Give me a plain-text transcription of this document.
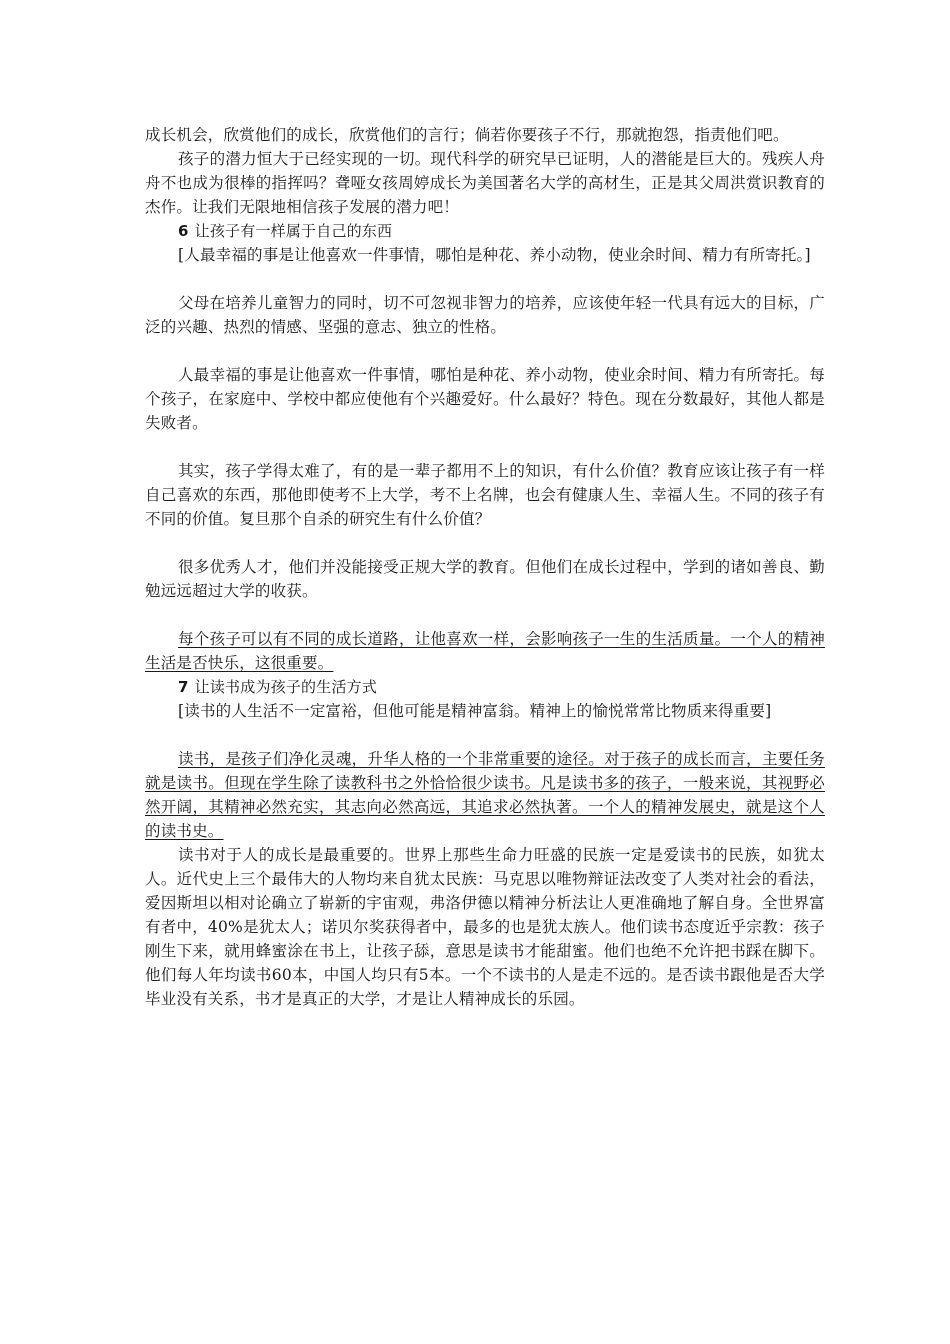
成长机会，欣赏他们的成长，欣赏他们的言行；倘若你要孩子不行，那就抱怨，指责他们吧。

孩子的潜力恒大于已经实现的一切。现代科学的研究早已证明，人的潜能是巨大的。残疾人舟舟不也成为很棒的指挥吗？聋哑女孩周婷成长为美国著名大学的高材生，正是其父周洪赏识教育的杰作。让我们无限地相信孩子发展的潜力吧！

6 让孩子有一样属于自己的东西

[人最幸福的事是让他喜欢一件事情，哪怕是种花、养小动物，使业余时间、精力有所寄托。]

父母在培养儿童智力的同时，切不可忽视非智力的培养，应该使年轻一代具有远大的目标，广泛的兴趣、热烈的情感、坚强的意志、独立的性格。

人最幸福的事是让他喜欢一件事情，哪怕是种花、养小动物，使业余时间、精力有所寄托。每个孩子，在家庭中、学校中都应使他有个兴趣爱好。什么最好？特色。现在分数最好，其他人都是失败者。

其实，孩子学得太难了，有的是一辈子都用不上的知识，有什么价值？教育应该让孩子有一样自己喜欢的东西，那他即使考不上大学，考不上名牌，也会有健康人生、幸福人生。不同的孩子有不同的价值。复旦那个自杀的研究生有什么价值？

很多优秀人才，他们并没能接受正规大学的教育。但他们在成长过程中，学到的诸如善良、勤勉远远超过大学的收获。

每个孩子可以有不同的成长道路，让他喜欢一样，会影响孩子一生的生活质量。一个人的精神生活是否快乐，这很重要。

7 让读书成为孩子的生活方式

[读书的人生活不一定富裕，但他可能是精神富翁。精神上的愉悦常常比物质来得重要]

读书，是孩子们净化灵魂，升华人格的一个非常重要的途径。对于孩子的成长而言，主要任务就是读书。但现在学生除了读教科书之外恰恰很少读书。凡是读书多的孩子，一般来说，其视野必然开阔，其精神必然充实，其志向必然高远，其追求必然执著。一个人的精神发展史，就是这个人的读书史。

读书对于人的成长是最重要的。世界上那些生命力旺盛的民族一定是爱读书的民族，如犹太人。近代史上三个最伟大的人物均来自犹太民族：马克思以唯物辩证法改变了人类对社会的看法，爱因斯坦以相对论确立了崭新的宇宙观，弗洛伊德以精神分析法让人更准确地了解自身。全世界富有者中，40%是犹太人；诺贝尔奖获得者中，最多的也是犹太族人。他们读书态度近乎宗教：孩子刚生下来，就用蜂蜜涂在书上，让孩子舔，意思是读书才能甜蜜。他们也绝不允许把书踩在脚下。他们每人年均读书60本，中国人均只有5本。一个不读书的人是走不远的。是否读书跟他是否大学毕业没有关系，书才是真正的大学，才是让人精神成长的乐园。
